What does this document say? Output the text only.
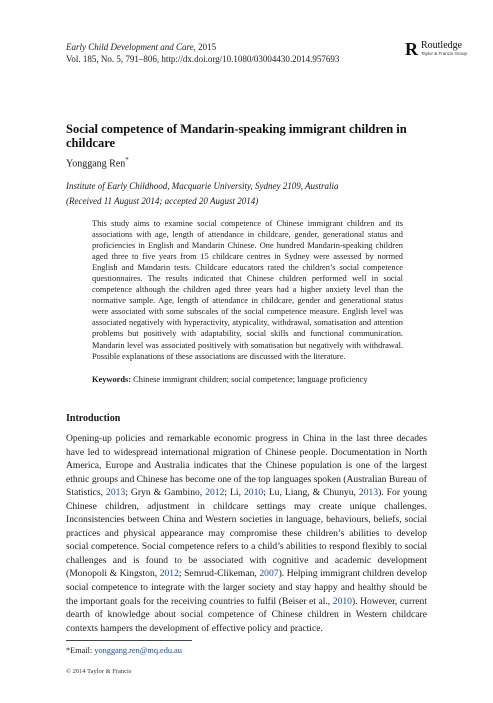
Early Child Development and Care, 2015
Vol. 185, No. 5, 791–806, http://dx.doi.org/10.1080/03004430.2014.957693	R Routledge
Taylor & Francis Group
Social competence of Mandarin-speaking immigrant children in childcare
Yonggang Ren*
Institute of Early Childhood, Macquarie University, Sydney 2109, Australia
(Received 11 August 2014; accepted 20 August 2014)
This study aims to examine social competence of Chinese immigrant children and its associations with age, length of attendance in childcare, gender, generational status and proficiencies in English and Mandarin Chinese. One hundred Mandarin-speaking children aged three to five years from 15 childcare centres in Sydney were assessed by normed English and Mandarin tests. Childcare educators rated the children’s social competence questionnaires. The results indicated that Chinese children performed well in social competence although the children aged three years had a higher anxiety level than the normative sample. Age, length of attendance in childcare, gender and generational status were associated with some subscales of the social competence measure. English level was associated negatively with hyperactivity, atypicality, withdrawal, somatisation and attention problems but positively with adaptability, social skills and functional communication. Mandarin level was associated positively with somatisation but negatively with withdrawal. Possible explanations of these associations are discussed with the literature.
Keywords: Chinese immigrant children; social competence; language proficiency
Introduction

Opening-up policies and remarkable economic progress in China in the last three decades have led to widespread international migration of Chinese people. Documentation in North America, Europe and Australia indicates that the Chinese population is one of the largest ethnic groups and Chinese has become one of the top languages spoken (Australian Bureau of Statistics, 2013; Gryn & Gambino, 2012; Li, 2010; Lu, Liang, & Chunyu, 2013). For young Chinese children, adjustment in childcare settings may create unique challenges. Inconsistencies between China and Western societies in language, behaviours, beliefs, social practices and physical appearance may compromise these children’s abilities to develop social competence. Social competence refers to a child’s abilities to respond flexibly to social challenges and is found to be associated with cognitive and academic development (Monopoli & Kingston, 2012; Semrud-Clikeman, 2007). Helping immigrant children develop social competence to integrate with the larger society and stay happy and healthy should be the important goals for the receiving countries to fulfil (Beiser et al., 2010). However, current dearth of knowledge about social competence of Chinese children in Western childcare contexts hampers the development of effective policy and practice.

*Email: yonggang.ren@mq.edu.au
© 2014 Taylor & Francis
